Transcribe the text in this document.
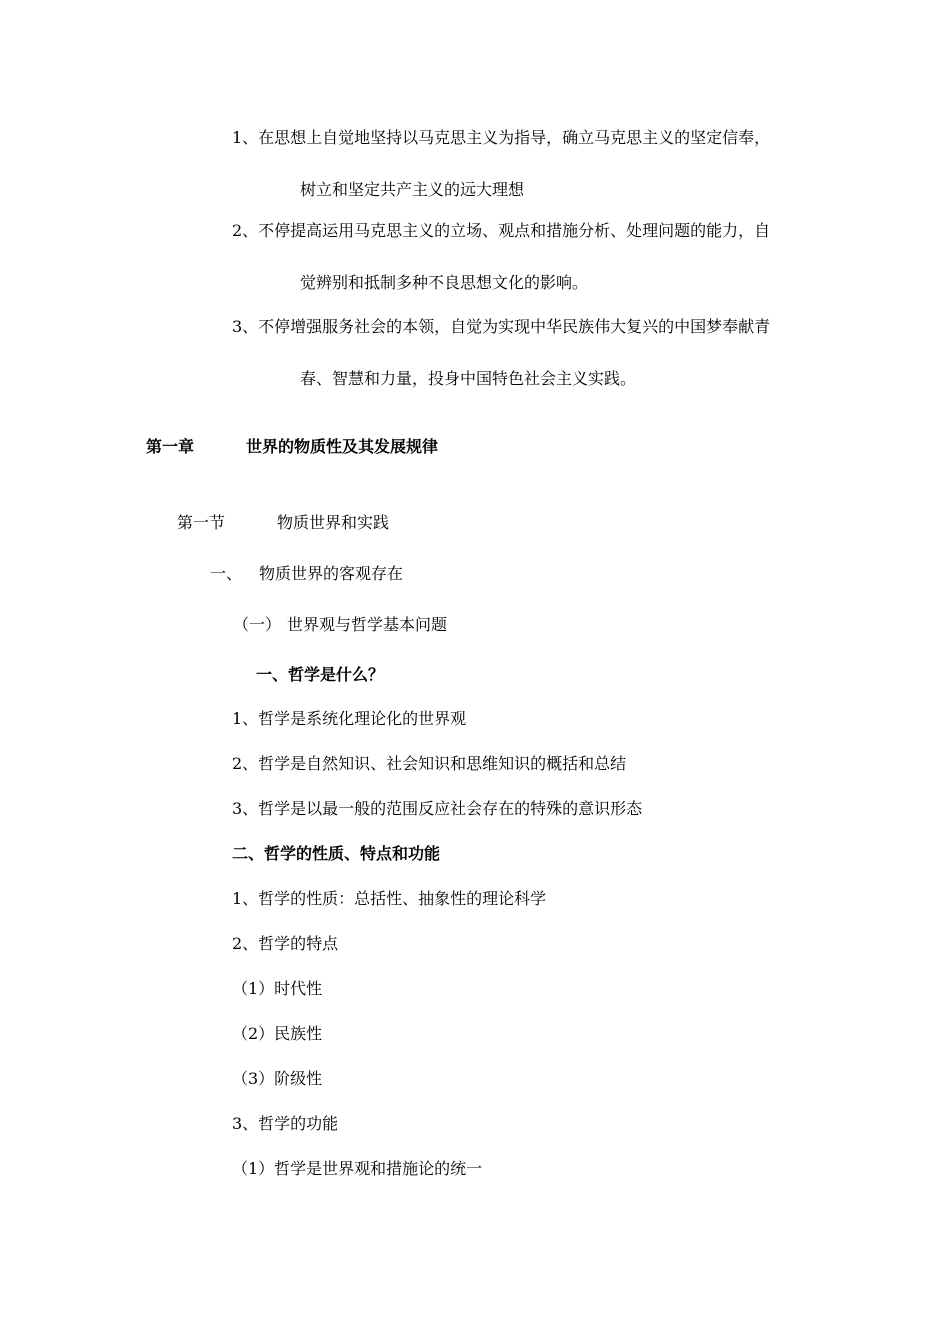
1、在思想上自觉地坚持以马克思主义为指导，确立马克思主义的坚定信奉，
树立和坚定共产主义的远大理想
2、不停提高运用马克思主义的立场、观点和措施分析、处理问题的能力，自
觉辨别和抵制多种不良思想文化的影响。
3、不停增强服务社会的本领，自觉为实现中华民族伟大复兴的中国梦奉献青
春、智慧和力量，投身中国特色社会主义实践。
第一章	世界的物质性及其发展规律
第一节	物质世界和实践
一、 物质世界的客观存在
（一） 世界观与哲学基本问题
一、哲学是什么？
1、哲学是系统化理论化的世界观
2、哲学是自然知识、社会知识和思维知识的概括和总结
3、哲学是以最一般的范围反应社会存在的特殊的意识形态
二、哲学的性质、特点和功能
1、哲学的性质：总括性、抽象性的理论科学
2、哲学的特点
（1）时代性
（2）民族性
（3）阶级性
3、哲学的功能
（1）哲学是世界观和措施论的统一
